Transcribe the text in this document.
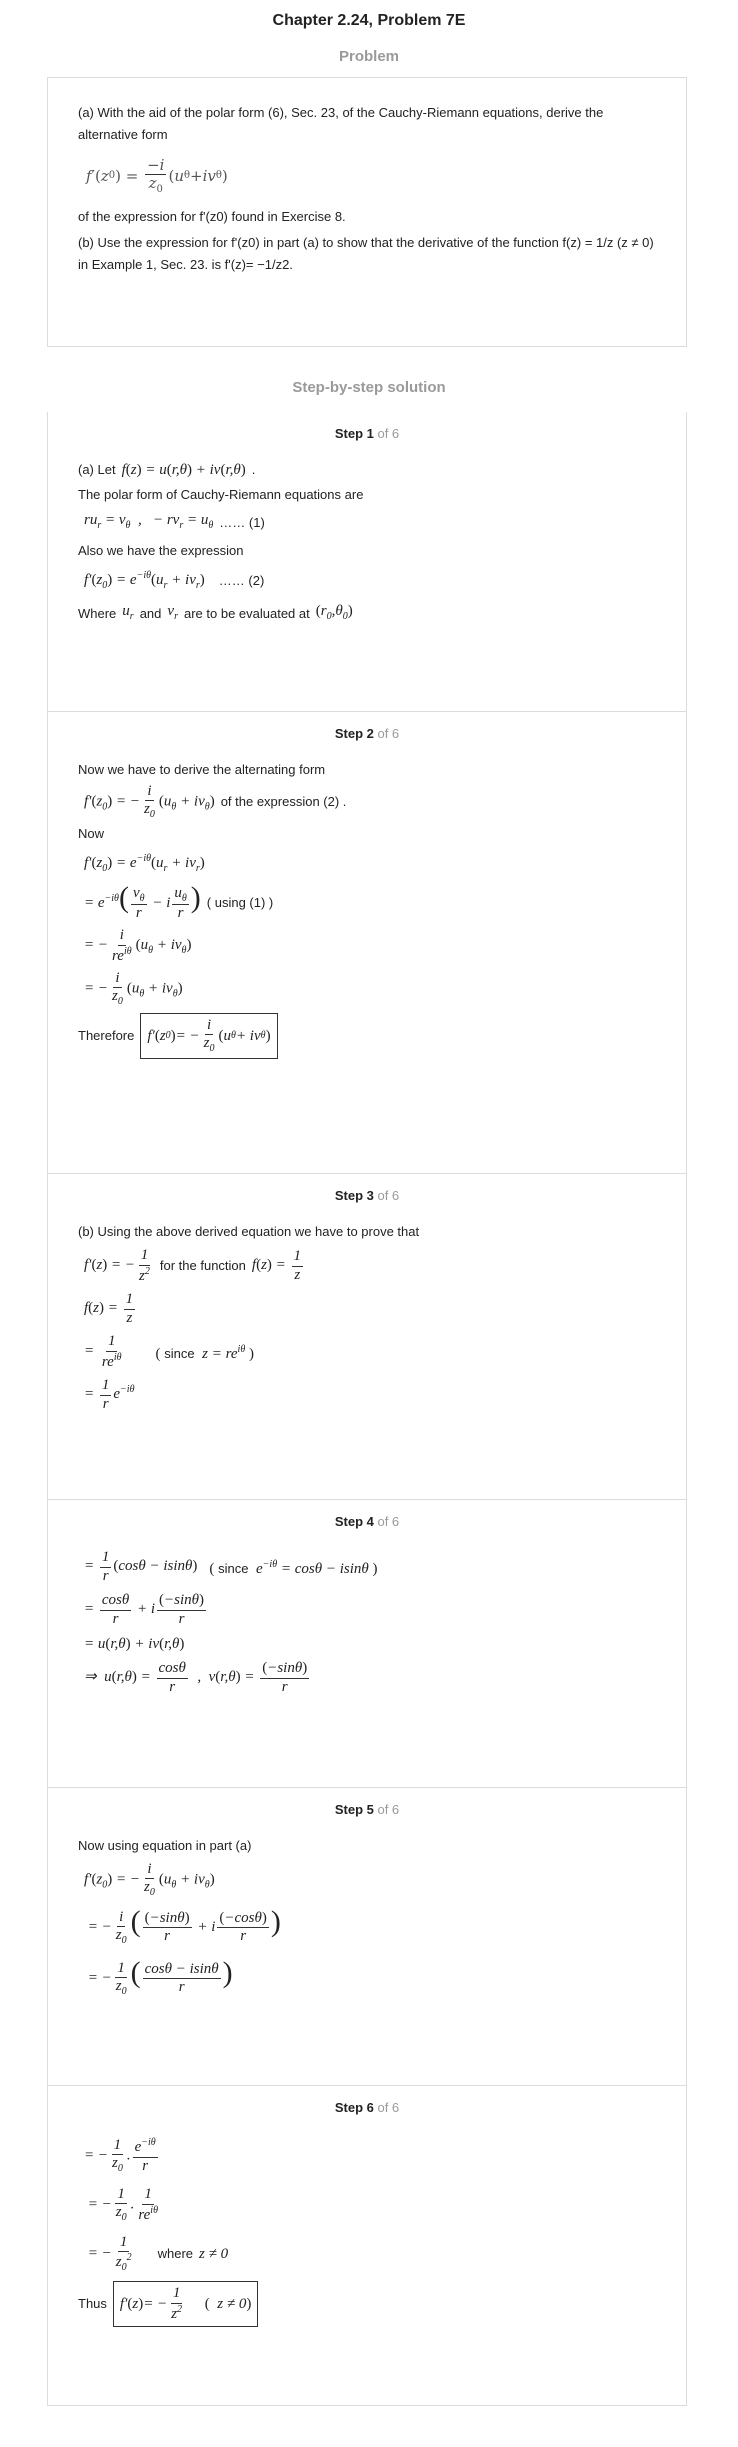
Chapter 2.24, Problem 7E
Problem

(a) With the aid of the polar form (6), Sec. 23, of the Cauchy-Riemann equations, derive the alternative form

f ′( z 0 ) = $\frac{-i}{z_0}$ ( u θ + iv θ )

of the expression for f'(z0) found in Exercise 8.

(b) Use the expression for f'(z0) in part (a) to show that the derivative of the function f(z) = 1/z (z ≠ 0) in Example 1, Sec. 23. is f'(z)= −1/z2.

Step-by-step solution
Step 1 of 6
(a) Let f(z) = u(r,θ) + iv(r,θ) .
The polar form of Cauchy-Riemann equations are
$ru_r = v_\theta$  ,   − $rv_r = u_\theta$ …… (1)
Also we have the expression
$f'(z_0) = e^{-i\theta}(u_r + iv_r)$ …… (2)
Where $u_r$ and $v_r$ are to be evaluated at $(r_0,\theta_0)$
Step 2 of 6
Now we have to derive the alternating form
$f'(z_0)$ = − $\frac{i}{z_0} (u_\theta + iv_\theta)$ of the expression (2) .
Now
$f'(z_0) = e^{-i\theta}(u_r + iv_r)$
= $e^{-i\theta}( \frac{v_\theta}{r} - i \frac{u_\theta}{r}$ ) ( using (1) )
= − $\frac{i}{re^{i\theta}} (u_\theta + iv_\theta)$
= − $\frac{i}{z_0} (u_\theta + iv_\theta)$
Therefore f′ ( z 0 ) = − $\frac{i}{z_0}$ ( u θ + iv θ )
Step 3 of 6
(b) Using the above derived equation we have to prove that
f′(z) = − $\frac{1}{z^2}$ for the function $f(z) = \frac{1}{z}$
$f(z) = \frac{1}{z}$
= $\frac{1}{re^{i\theta}}$ ( since  $z = re^{i\theta}$ )
= $\frac{1}{r} e^{-i\theta}$
Step 4 of 6
= $\frac{1}{r} (\cos\theta - isin\theta)$ ( since  $e^{-i\theta} = \cos\theta - isin\theta$ )
= $\frac{\cos\theta}{r} + i \frac{(-\sin\theta)}{r}$
= u(r,θ) + iv(r,θ)
⇒  $u(r,\theta) = \frac{\cos\theta}{r}$ ,  $v(r,\theta) = \frac{(-\sin\theta)}{r}$
Step 5 of 6
Now using equation in part (a)
$f'(z_0)$ = − $\frac{i}{z_0} (u_\theta + iv_\theta)$
= − $\frac{i}{z_0}$ ( $\frac{(-\sin\theta)}{r} + i \frac{(-\cos\theta)}{r}$ )
= − $\frac{1}{z_0}$ ( $\frac{\cos\theta - isin\theta}{r}$ )
Step 6 of 6
= − $\frac{1}{z_0}$ . $\frac{e^{-i\theta}}{r}$
= − $\frac{1}{z_0}$ . $\frac{1}{re^{i\theta}}$
= − $\frac{1}{z_0^2}$ where z ≠ 0
Thus f′ ( z ) = − $\frac{1}{z^2}$
( z ≠ 0 )
